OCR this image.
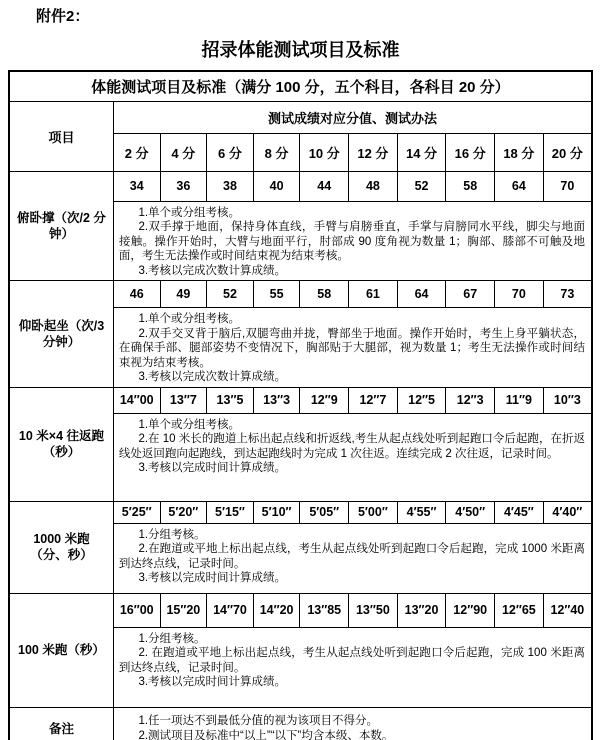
附件2：
招录体能测试项目及标准
体能测试项目及标准（满分 100 分，五个科目，各科目 20 分）										
项目	测试成绩对应分值、测试办法									
	2 分	4 分	6 分	8 分	10 分	12 分	14 分	16 分	18 分	20 分
俯卧撑（次/2 分钟）	34	36	38	40	44	48	52	58	64	70

	1.单个或分组考核。

2.双手撑于地面，保持身体直线，手臂与肩膀垂直，手掌与肩膀同水平线，脚尖与地面接触。操作开始时，大臂与地面平行，肘部成 90 度角视为数量 1；胸部、膝部不可触及地面，考生无法操作或时间结束视为结束考核。

3.考核以完成次数计算成绩。									

仰卧起坐（次/3 分钟）	46	49	52	55	58	61	64	67	70	73

	1.单个或分组考核。

2.双手交叉背于脑后,双腿弯曲并拢，臀部坐于地面。操作开始时，考生上身平躺状态，在确保手部、腿部姿势不变情况下，胸部贴于大腿部，视为数量 1；考生无法操作或时间结束视为结束考核。

3.考核以完成次数计算成绩。									

10 米×4 往返跑（秒）	14″00	13″7	13″5	13″3	12″9	12″7	12″5	12″3	11″9	10″3

	1.单个或分组考核。

2.在 10 米长的跑道上标出起点线和折返线,考生从起点线处听到起跑口令后起跑，在折返线处返回跑向起跑线，到达起跑线时为完成 1 次往返。连续完成 2 次往返，记录时间。

3.考核以完成时间计算成绩。									

1000 米跑（分、秒）	5′25″	5′20″	5′15″	5′10″	5′05″	5′00″	4′55″	4′50″	4′45″	4′40″

	1.分组考核。

2.在跑道或平地上标出起点线，考生从起点线处听到起跑口令后起跑，完成 1000 米距离到达终点线，记录时间。

3.考核以完成时间计算成绩。									

100 米跑（秒）	16″00	15″20	14″70	14″20	13″85	13″50	13″20	12″90	12″65	12″40

	1.分组考核。

2. 在跑道或平地上标出起点线，考生从起点线处听到起跑口令后起跑，完成 100 米距离到达终点线，记录时间。

3.考核以完成时间计算成绩。									

备注	1.任一项达不到最低分值的视为该项目不得分。

2.测试项目及标准中“以上”“以下”均含本级、本数。									
